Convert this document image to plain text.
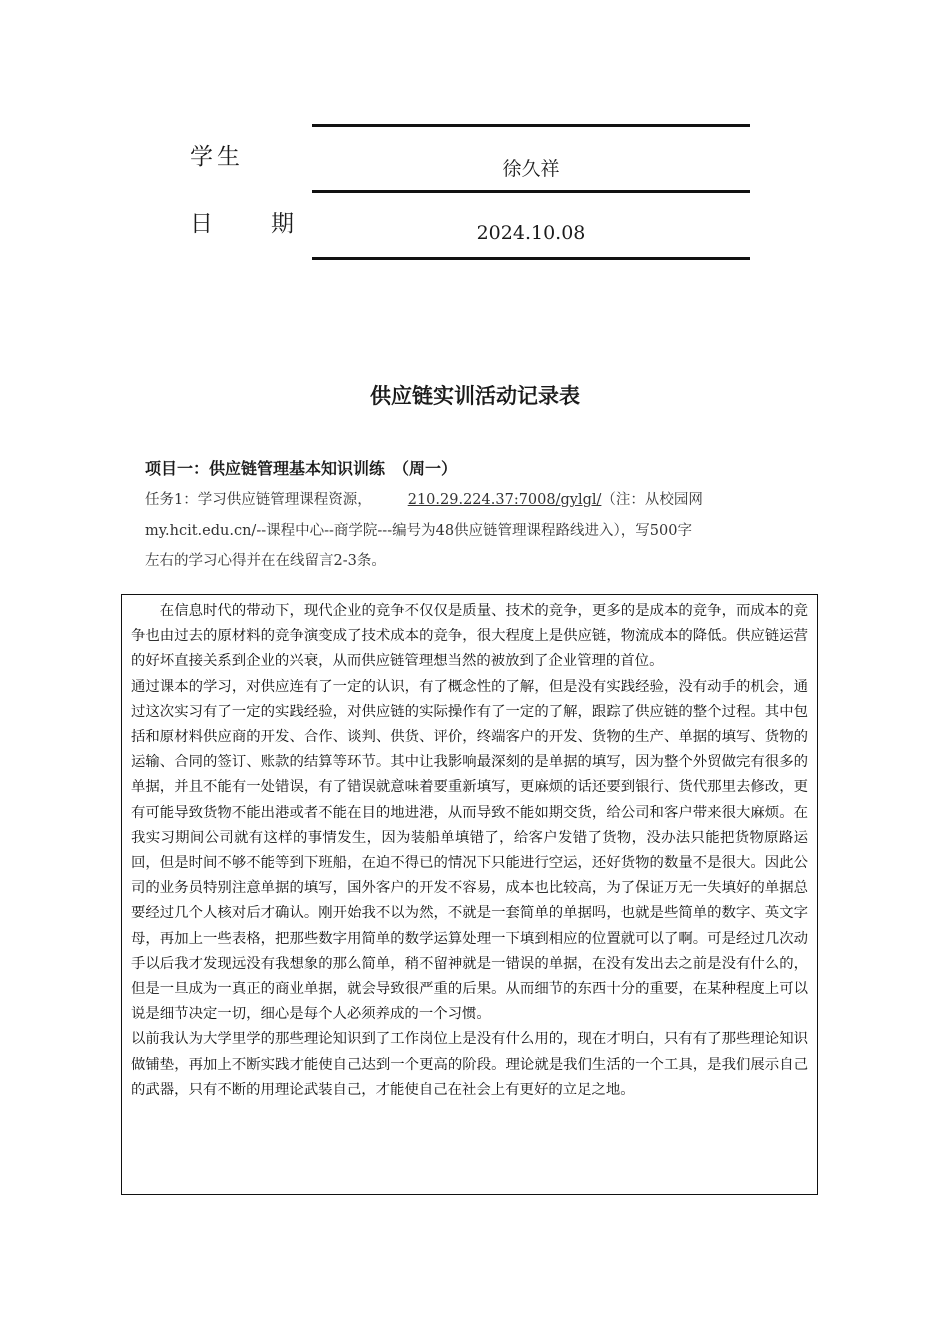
学生	徐久祥
日　　期	2024.10.08
供应链实训活动记录表
项目一：供应链管理基本知识训练　（周一）

任务1：学习供应链管理课程资源， 210.29.224.37:7008/gylgl/（注：从校园网

my.hcit.edu.cn/--课程中心--商学院---编号为48供应链管理课程路线进入），写500字

左右的学习心得并在在线留言2-3条。

在信息时代的带动下，现代企业的竞争不仅仅是质量、技术的竞争，更多的是成本的竞争，而成本的竞争也由过去的原材料的竞争演变成了技术成本的竞争，很大程度上是供应链，物流成本的降低。供应链运营的好坏直接关系到企业的兴衰，从而供应链管理想当然的被放到了企业管理的首位。

通过课本的学习，对供应连有了一定的认识，有了概念性的了解，但是没有实践经验，没有动手的机会，通过这次实习有了一定的实践经验，对供应链的实际操作有了一定的了解，跟踪了供应链的整个过程。其中包括和原材料供应商的开发、合作、谈判、供货、评价，终端客户的开发、货物的生产、单据的填写、货物的运输、合同的签订、账款的结算等环节。其中让我影响最深刻的是单据的填写，因为整个外贸做完有很多的单据，并且不能有一处错误，有了错误就意味着要重新填写，更麻烦的话还要到银行、货代那里去修改，更有可能导致货物不能出港或者不能在目的地进港，从而导致不能如期交货，给公司和客户带来很大麻烦。在我实习期间公司就有这样的事情发生，因为装船单填错了，给客户发错了货物，没办法只能把货物原路运回，但是时间不够不能等到下班船，在迫不得已的情况下只能进行空运，还好货物的数量不是很大。因此公司的业务员特别注意单据的填写，国外客户的开发不容易，成本也比较高，为了保证万无一失填好的单据总要经过几个人核对后才确认。刚开始我不以为然，不就是一套简单的单据吗，也就是些简单的数字、英文字母，再加上一些表格，把那些数字用简单的数学运算处理一下填到相应的位置就可以了啊。可是经过几次动手以后我才发现远没有我想象的那么简单，稍不留神就是一错误的单据，在没有发出去之前是没有什么的，但是一旦成为一真正的商业单据，就会导致很严重的后果。从而细节的东西十分的重要，在某种程度上可以说是细节决定一切，细心是每个人必须养成的一个习惯。

以前我认为大学里学的那些理论知识到了工作岗位上是没有什么用的，现在才明白，只有有了那些理论知识做铺垫，再加上不断实践才能使自己达到一个更高的阶段。理论就是我们生活的一个工具，是我们展示自己的武器，只有不断的用理论武装自己，才能使自己在社会上有更好的立足之地。
